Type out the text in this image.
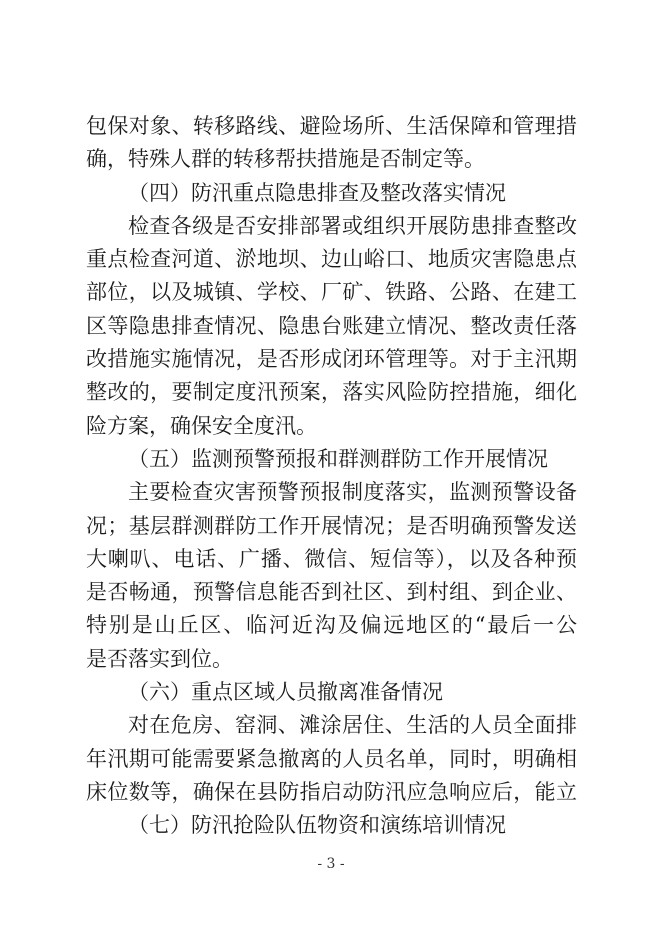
包保对象、转移路线、避险场所、生活保障和管理措
确，特殊人群的转移帮扶措施是否制定等。
（四）防汛重点隐患排查及整改落实情况
检查各级是否安排部署或组织开展防患排查整改
重点检查河道、淤地坝、边山峪口、地质灾害隐患点
部位，以及城镇、学校、厂矿、铁路、公路、在建工
区等隐患排查情况、隐患台账建立情况、整改责任落
改措施实施情况，是否形成闭环管理等。对于主汛期
整改的，要制定度汛预案，落实风险防控措施，细化
险方案，确保安全度汛。
（五）监测预警预报和群测群防工作开展情况
主要检查灾害预警预报制度落实，监测预警设备
况；基层群测群防工作开展情况；是否明确预警发送
大喇叭、电话、广播、微信、短信等），以及各种预
是否畅通，预警信息能否到社区、到村组、到企业、
特别是山丘区、临河近沟及偏远地区的“最后一公
是否落实到位。
（六）重点区域人员撤离准备情况
对在危房、窑洞、滩涂居住、生活的人员全面排
年汛期可能需要紧急撤离的人员名单，同时，明确相
床位数等，确保在县防指启动防汛应急响应后，能立
（七）防汛抢险队伍物资和演练培训情况
- 3 -
